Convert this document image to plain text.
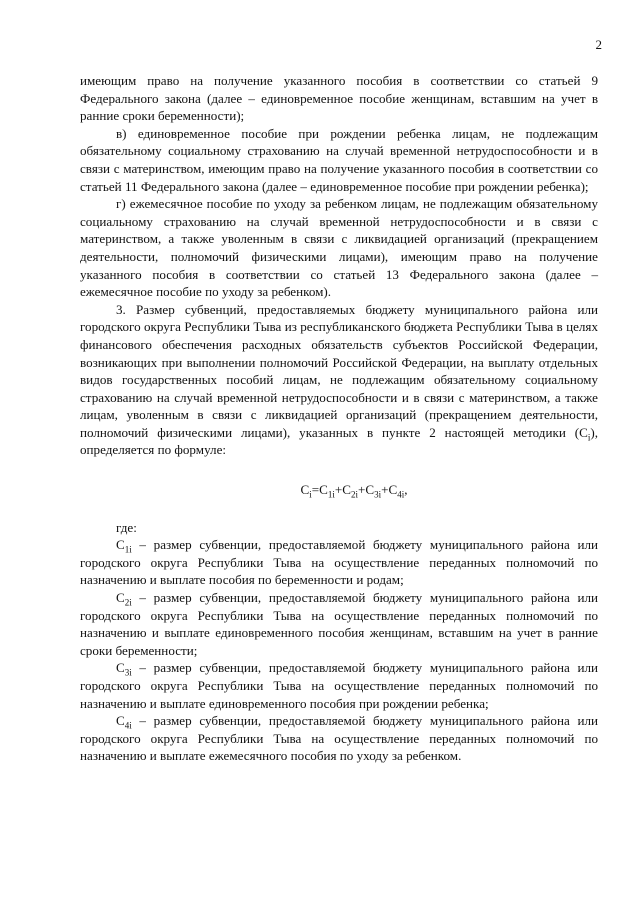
2

имеющим право на получение указанного пособия в соответствии со статьей 9 Федерального закона (далее – единовременное пособие женщинам, вставшим на учет в ранние сроки беременности);

в) единовременное пособие при рождении ребенка лицам, не подлежащим обязательному социальному страхованию на случай временной нетрудоспособности и в связи с материнством, имеющим право на получение указанного пособия в соответствии со статьей 11 Федерального закона (далее – единовременное пособие при рождении ребенка);

г) ежемесячное пособие по уходу за ребенком лицам, не подлежащим обязательному социальному страхованию на случай временной нетрудоспособности и в связи с материнством, а также уволенным в связи с ликвидацией организаций (прекращением деятельности, полномочий физическими лицами), имеющим право на получение указанного пособия в соответствии со статьей 13 Федерального закона (далее – ежемесячное пособие по уходу за ребенком).

3. Размер субвенций, предоставляемых бюджету муниципального района или городского округа Республики Тыва из республиканского бюджета Республики Тыва в целях финансового обеспечения расходных обязательств субъектов Российской Федерации, возникающих при выполнении полномочий Российской Федерации, на выплату отдельных видов государственных пособий лицам, не подлежащим обязательному социальному страхованию на случай временной нетрудоспособности и в связи с материнством, а также лицам, уволенным в связи с ликвидацией организаций (прекращением деятельности, полномочий физическими лицами), указанных в пункте 2 настоящей методики $(C_i)$, определяется по формуле:

$C_i=C_{1i}+C_{2i}+C_{3i}+C_{4i}$,

где:

$C_{1i}$ – размер субвенции, предоставляемой бюджету муниципального района или городского округа Республики Тыва на осуществление переданных полномочий по назначению и выплате пособия по беременности и родам;

$C_{2i}$ – размер субвенции, предоставляемой бюджету муниципального района или городского округа Республики Тыва на осуществление переданных полномочий по назначению и выплате единовременного пособия женщинам, вставшим на учет в ранние сроки беременности;

$C_{3i}$ – размер субвенции, предоставляемой бюджету муниципального района или городского округа Республики Тыва на осуществление переданных полномочий по назначению и выплате единовременного пособия при рождении ребенка;

$C_{4i}$ – размер субвенции, предоставляемой бюджету муниципального района или городского округа Республики Тыва на осуществление переданных полномочий по назначению и выплате ежемесячного пособия по уходу за ребенком.
